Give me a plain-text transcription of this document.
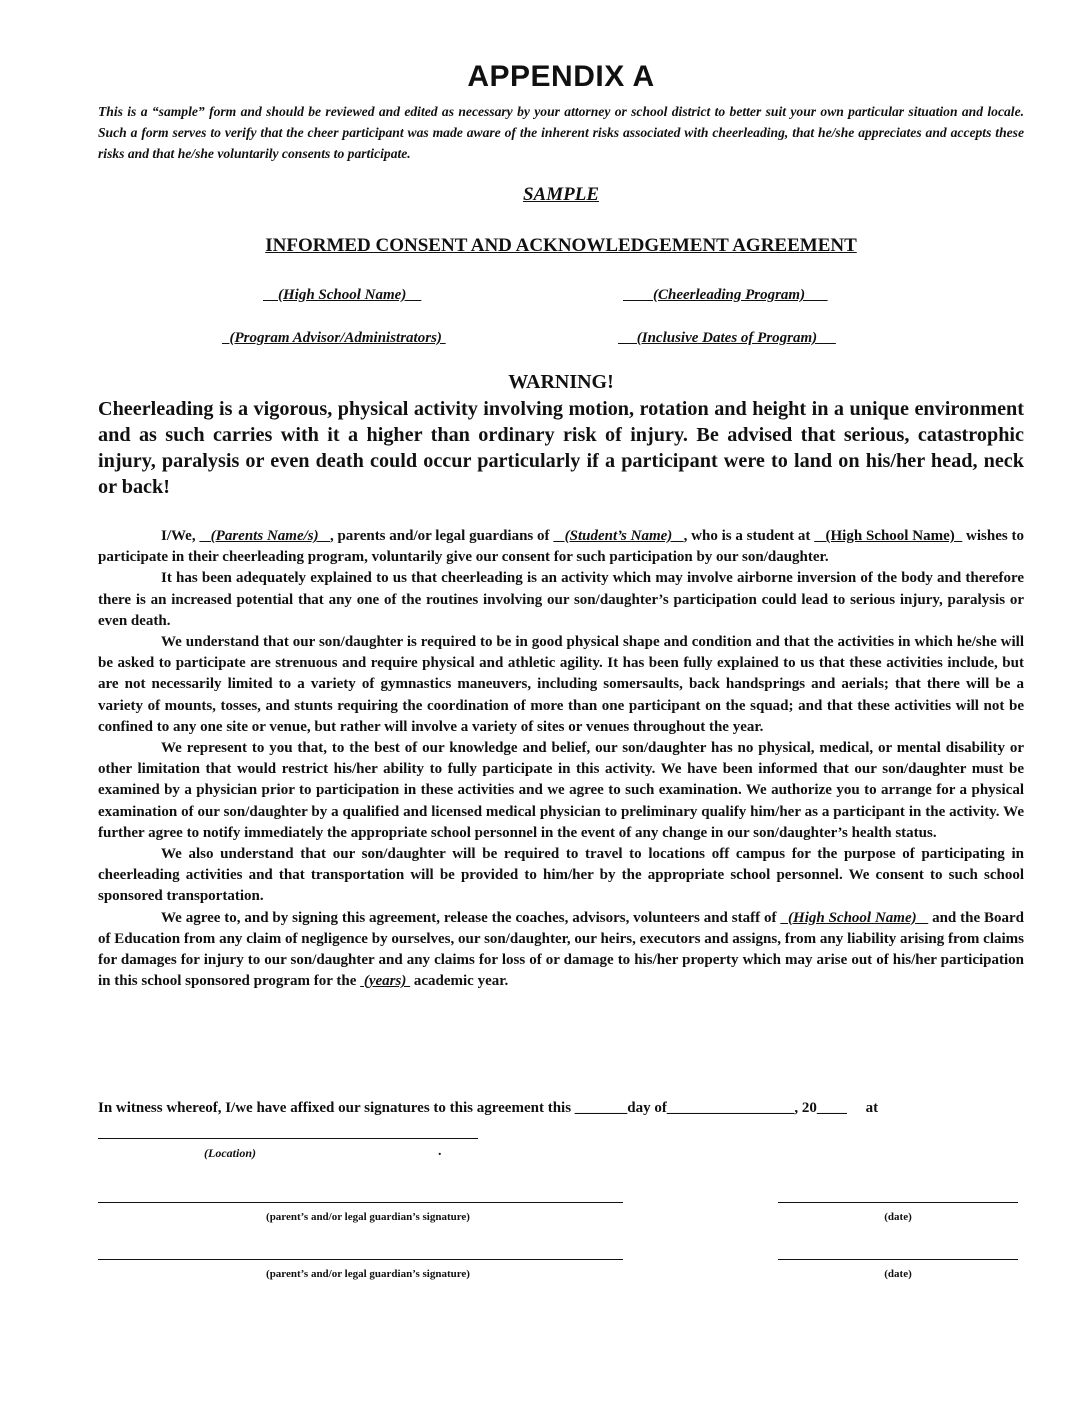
APPENDIX A
This is a “sample” form and should be reviewed and edited as necessary by your attorney or school district to better suit your own particular situation and locale. Such a form serves to verify that the cheer participant was made aware of the inherent risks associated with cheerleading, that he/she appreciates and accepts these risks and that he/she voluntarily consents to participate.
SAMPLE
INFORMED CONSENT AND ACKNOWLEDGEMENT AGREEMENT
(High School Name)	(Cheerleading Program)
(Program Advisor/Administrators)	(Inclusive Dates of Program)
WARNING!
Cheerleading is a vigorous, physical activity involving motion, rotation and height in a unique environment and as such carries with it a higher than ordinary risk of injury. Be advised that serious, catastrophic injury, paralysis or even death could occur particularly if a participant were to land on his/her head, neck or back!

I/We,    (Parents Name/s)   , parents and/or legal guardians of    (Student’s Name)   , who is a student at    (High School Name)   wishes to participate in their cheerleading program, voluntarily give our consent for such participation by our son/daughter.

It has been adequately explained to us that cheerleading is an activity which may involve airborne inversion of the body and therefore there is an increased potential that any one of the routines involving our son/daughter’s participation could lead to serious injury, paralysis or even death.

We understand that our son/daughter is required to be in good physical shape and condition and that the activities in which he/she will be asked to participate are strenuous and require physical and athletic agility. It has been fully explained to us that these activities include, but are not necessarily limited to a variety of gymnastics maneuvers, including somersaults, back handsprings and aerials; that there will be a variety of mounts, tosses, and stunts requiring the coordination of more than one participant on the squad; and that these activities will not be confined to any one site or venue, but rather will involve a variety of sites or venues throughout the year.

We represent to you that, to the best of our knowledge and belief, our son/daughter has no physical, medical, or mental disability or other limitation that would restrict his/her ability to fully participate in this activity. We have been informed that our son/daughter must be examined by a physician prior to participation in these activities and we agree to such examination. We authorize you to arrange for a physical examination of our son/daughter by a qualified and licensed medical physician to preliminary qualify him/her as a participant in the activity. We further agree to notify immediately the appropriate school personnel in the event of any change in our son/daughter’s health status.

We also understand that our son/daughter will be required to travel to locations off campus for the purpose of participating in cheerleading activities and that transportation will be provided to him/her by the appropriate school personnel. We consent to such school sponsored transportation.

We agree to, and by signing this agreement, release the coaches, advisors, volunteers and staff of   (High School Name)    and the Board of Education from any claim of negligence by ourselves, our son/daughter, our heirs, executors and assigns, from any liability arising from claims for damages for injury to our son/daughter and any claims for loss of or damage to his/her property which may arise out of his/her participation in this school sponsored program for the  (years)  academic year.

In witness whereof, I/we have affixed our signatures to this agreement this _______day of_________________, 20____     at
(Location)	.
(parent’s and/or legal guardian’s signature)	(date)
(parent’s and/or legal guardian’s signature)	(date)
